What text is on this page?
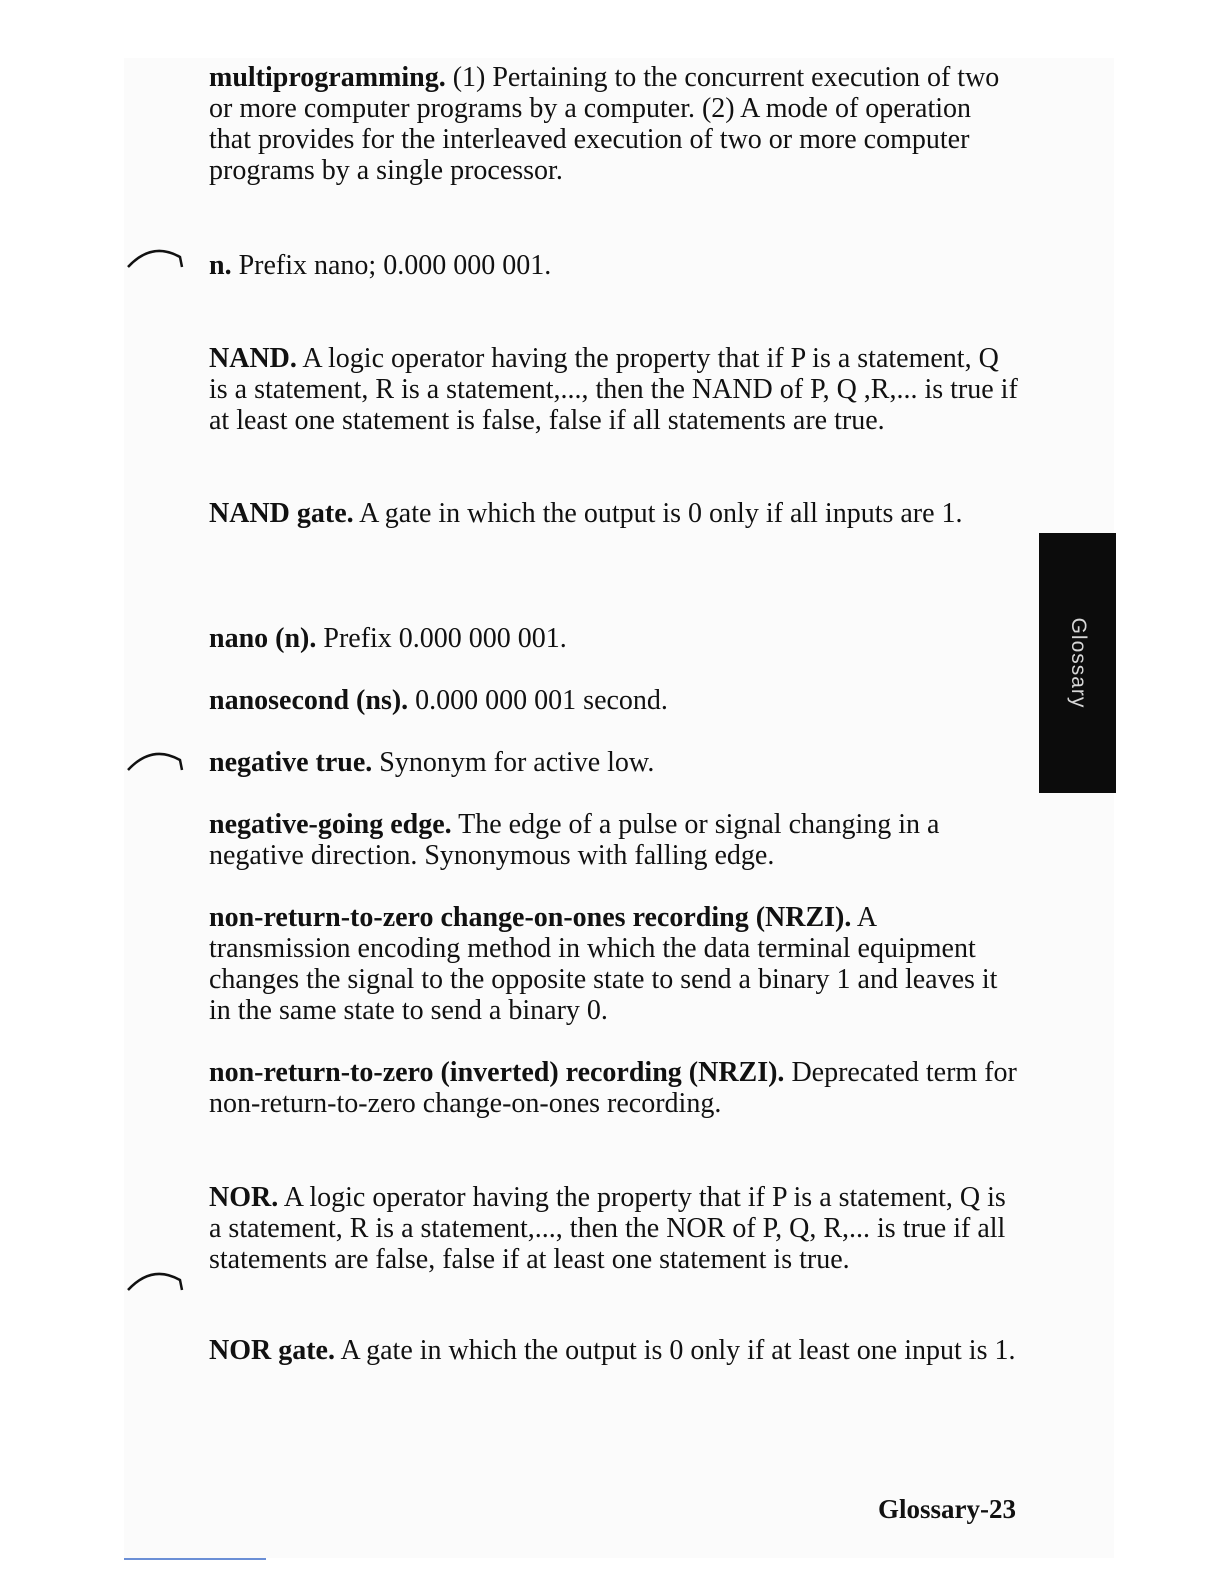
multiprogramming. (1) Pertaining to the concurrent execution of two or more computer programs by a computer. (2) A mode of operation that provides for the interleaved execution of two or more computer programs by a single processor.

n. Prefix nano; 0.000 000 001.

NAND. A logic operator having the property that if P is a statement, Q is a statement, R is a statement,..., then the NAND of P, Q ,R,... is true if at least one statement is false, false if all statements are true.

NAND gate. A gate in which the output is 0 only if all inputs are 1.

nano (n). Prefix 0.000 000 001.

nanosecond (ns). 0.000 000 001 second.

negative true. Synonym for active low.

negative-going edge. The edge of a pulse or signal changing in a negative direction. Synonymous with falling edge.

non-return-to-zero change-on-ones recording (NRZI). A transmission encoding method in which the data terminal equipment changes the signal to the opposite state to send a binary 1 and leaves it in the same state to send a binary 0.

non-return-to-zero (inverted) recording (NRZI). Deprecated term for non-return-to-zero change-on-ones recording.

NOR. A logic operator having the property that if P is a statement, Q is a statement, R is a statement,..., then the NOR of P, Q, R,... is true if all statements are false, false if at least one statement is true.

NOR gate. A gate in which the output is 0 only if at least one input is 1.

Glossary
Glossary-23
